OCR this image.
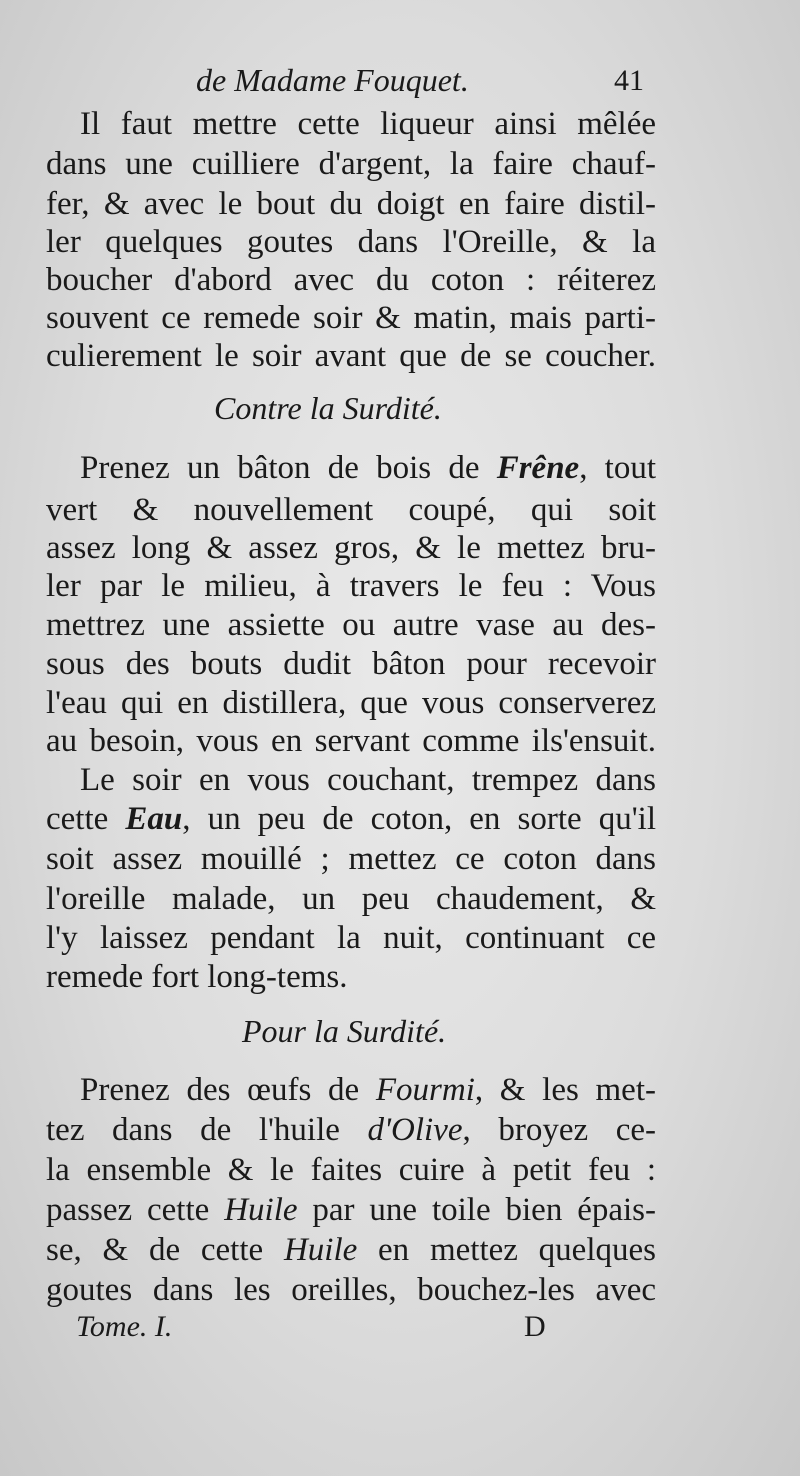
de Madame Fouquet.	41
Il faut mettre cette liqueur ainsi mêlée
dans une cuilliere d'argent, la faire chauf-
fer, & avec le bout du doigt en faire distil-
ler quelques goutes dans l'Oreille, & la
boucher d'abord avec du coton : réiterez
souvent ce remede soir & matin, mais parti-
culierement le soir avant que de se coucher.
Contre la Surdité.
Prenez un bâton de bois de Frêne, tout
vert & nouvellement coupé, qui soit
assez long & assez gros, & le mettez bru-
ler par le milieu, à travers le feu : Vous
mettrez une assiette ou autre vase au des-
sous des bouts dudit bâton pour recevoir
l'eau qui en distillera, que vous conserverez
au besoin, vous en servant comme ils'ensuit.
Le soir en vous couchant, trempez dans
cette Eau, un peu de coton, en sorte qu'il
soit assez mouillé ; mettez ce coton dans
l'oreille malade, un peu chaudement, &
l'y laissez pendant la nuit, continuant ce
remede fort long-tems.
Pour la Surdité.
Prenez des œufs de Fourmi, & les met-
tez dans de l'huile d'Olive, broyez ce-
la ensemble & le faites cuire à petit feu :
passez cette Huile par une toile bien épais-
se, & de cette Huile en mettez quelques
goutes dans les oreilles, bouchez-les avec
Tome. I.	D
